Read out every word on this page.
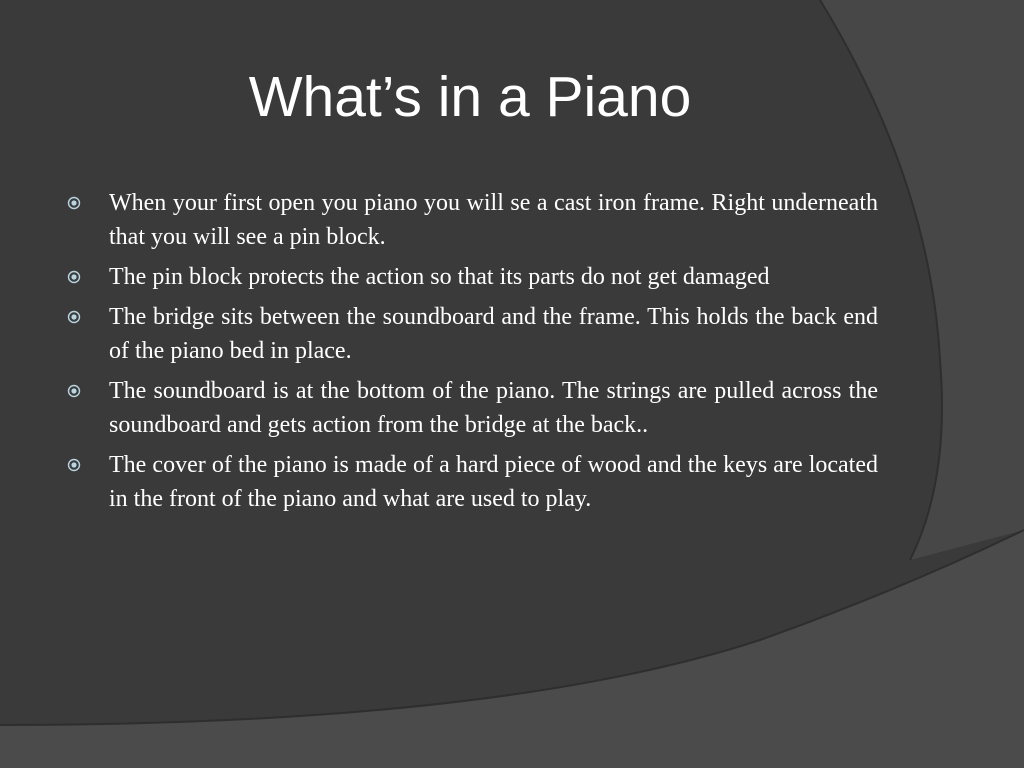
What’s in a Piano
When your first open you piano you will se a cast iron frame. Right underneath that you will see a pin block.
The pin block protects the action so that its parts do not get damaged
The bridge sits between the soundboard and the frame. This holds the back end of the piano bed in place.
The soundboard is at the bottom of the piano. The strings are pulled across the soundboard and gets action from the bridge at the back..
The cover of the piano is made of a hard piece of wood and the keys are located in the front of the piano and what are used to play.
